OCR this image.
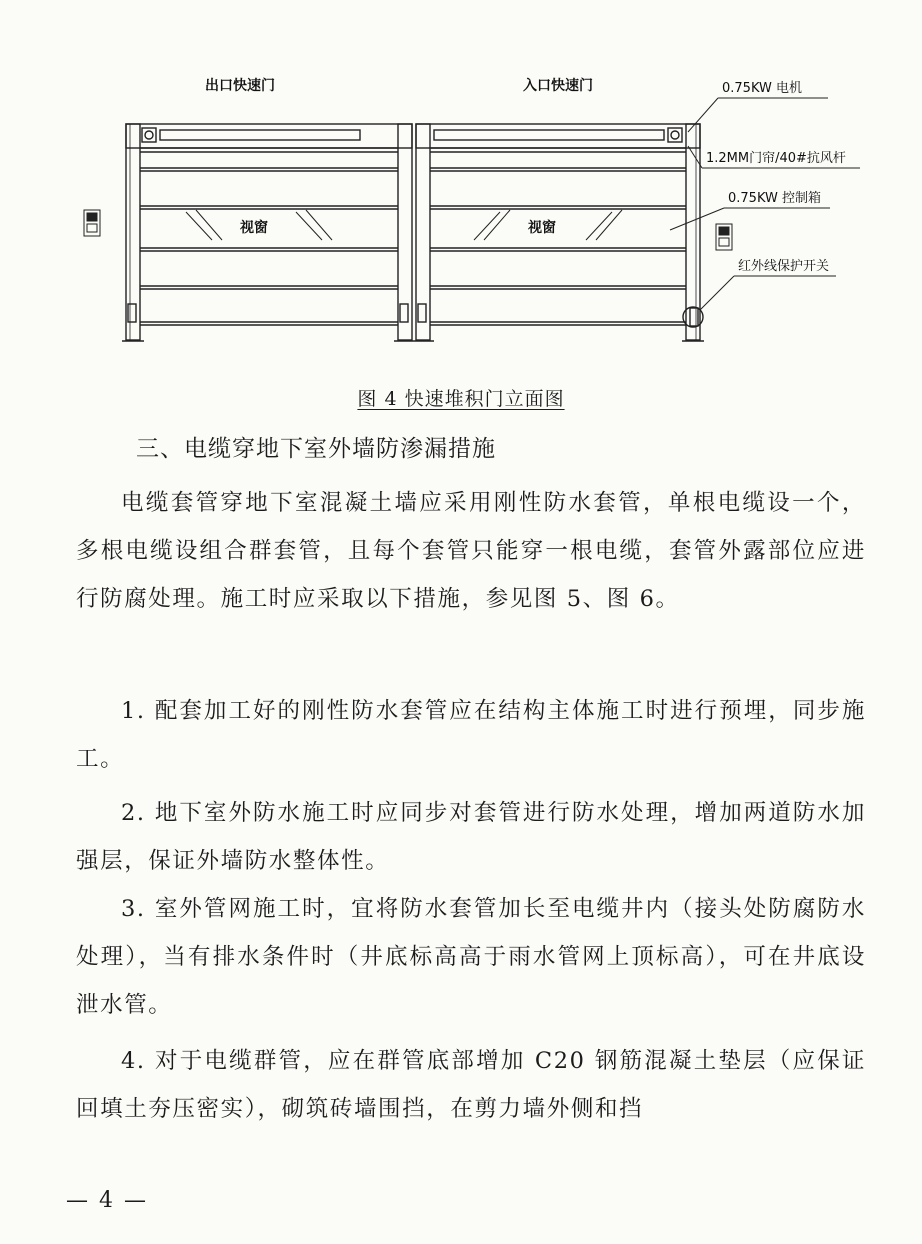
出口快速门	入口快速门	0.75KW 电机
视窗	视窗
1.2MM门帘/40#抗风杆
0.75KW 控制箱
红外线保护开关
图 4 快速堆积门立面图
三、电缆穿地下室外墙防渗漏措施

电缆套管穿地下室混凝土墙应采用刚性防水套管，单根电缆设一个，多根电缆设组合群套管，且每个套管只能穿一根电缆，套管外露部位应进行防腐处理。施工时应采取以下措施，参见图 5、图 6。

1. 配套加工好的刚性防水套管应在结构主体施工时进行预埋，同步施工。

2. 地下室外防水施工时应同步对套管进行防水处理，增加两道防水加强层，保证外墙防水整体性。

3. 室外管网施工时，宜将防水套管加长至电缆井内（接头处防腐防水处理），当有排水条件时（井底标高高于雨水管网上顶标高），可在井底设泄水管。

4. 对于电缆群管，应在群管底部增加 C20 钢筋混凝土垫层（应保证回填土夯压密实），砌筑砖墙围挡，在剪力墙外侧和挡

— 4 —
